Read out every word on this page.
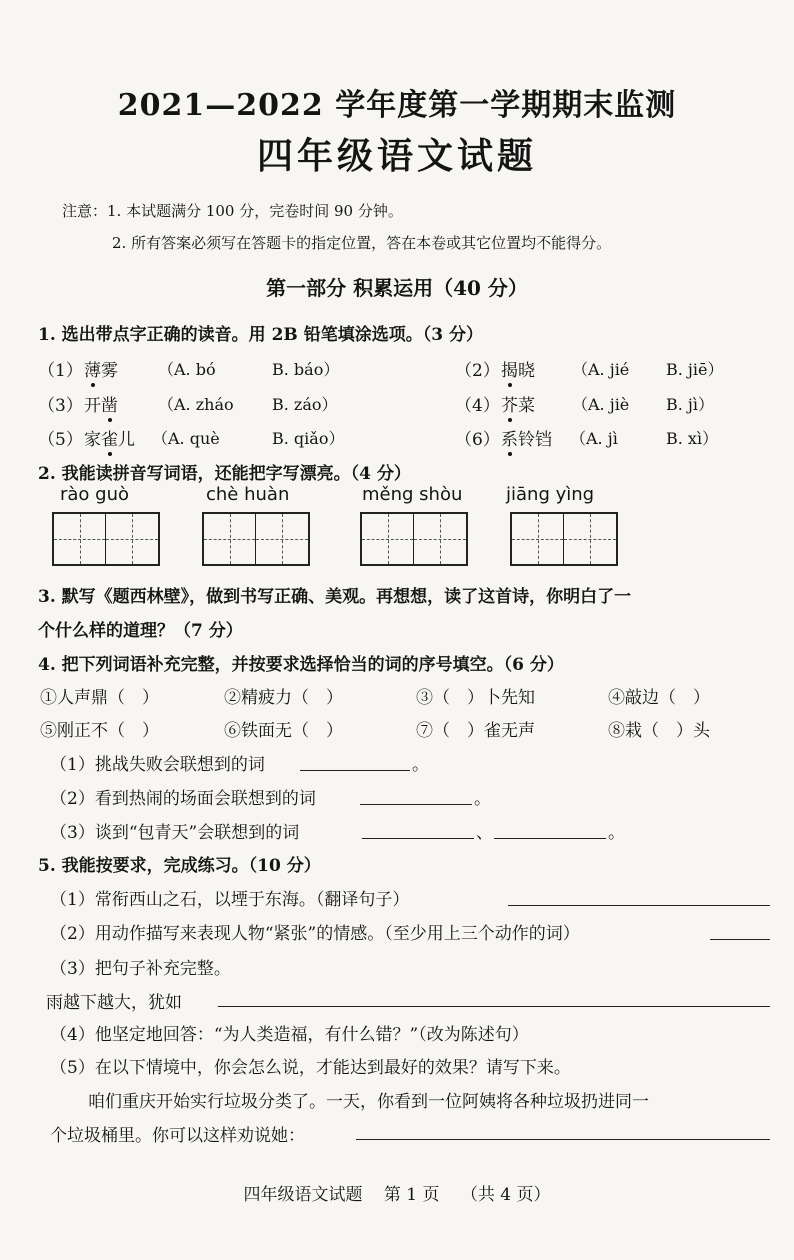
2021—2022 学年度第一学期期末监测
四年级语文试题
注意：1. 本试题满分 100 分，完卷时间 90 分钟。
2. 所有答案必须写在答题卡的指定位置，答在本卷或其它位置均不能得分。
第一部分 积累运用（40 分）
1. 选出带点字正确的读音。用 2B 铅笔填涂选项。（3 分）
（1） 薄雾	（A. bó	B. báo）	（2） 揭晓 （A. jié B. jiē）
（3） 开凿	（A. zháo B. záo）	（4） 芥菜 （A. jiè B. jì）
（5） 家雀儿 （A. què	B. qiǎo）	（6） 系铃铛 （A. jì	B. xì）
2. 我能读拼音写词语，还能把字写漂亮。（4 分）
rào guò	chè huàn	měng shòu jiāng yìng
3. 默写《题西林壁》，做到书写正确、美观。再想想，读了这首诗，你明白了一
个什么样的道理？（7 分）
4. 把下列词语补充完整，并按要求选择恰当的词的序号填空。（6 分）
①人声鼎（　）	②精疲力（　）	③（　）卜先知	④敲边（　）
⑤刚正不（　）	⑥铁面无（　）	⑦（　）雀无声	⑧栽（　）头
（1）挑战失败会联想到的词	。
（2）看到热闹的场面会联想到的词	。
（3）谈到“包青天”会联想到的词	、	。
5. 我能按要求，完成练习。（10 分）
（1）常衔西山之石，以堙于东海。（翻译句子）
（2）用动作描写来表现人物“紧张”的情感。（至少用上三个动作的词）
（3）把句子补充完整。
雨越下越大，犹如
（4）他坚定地回答：“为人类造福，有什么错？”（改为陈述句）
（5）在以下情境中，你会怎么说，才能达到最好的效果？请写下来。
咱们重庆开始实行垃圾分类了。一天，你看到一位阿姨将各种垃圾扔进同一
个垃圾桶里。你可以这样劝说她：
四年级语文试题 第 1 页 （共 4 页）
